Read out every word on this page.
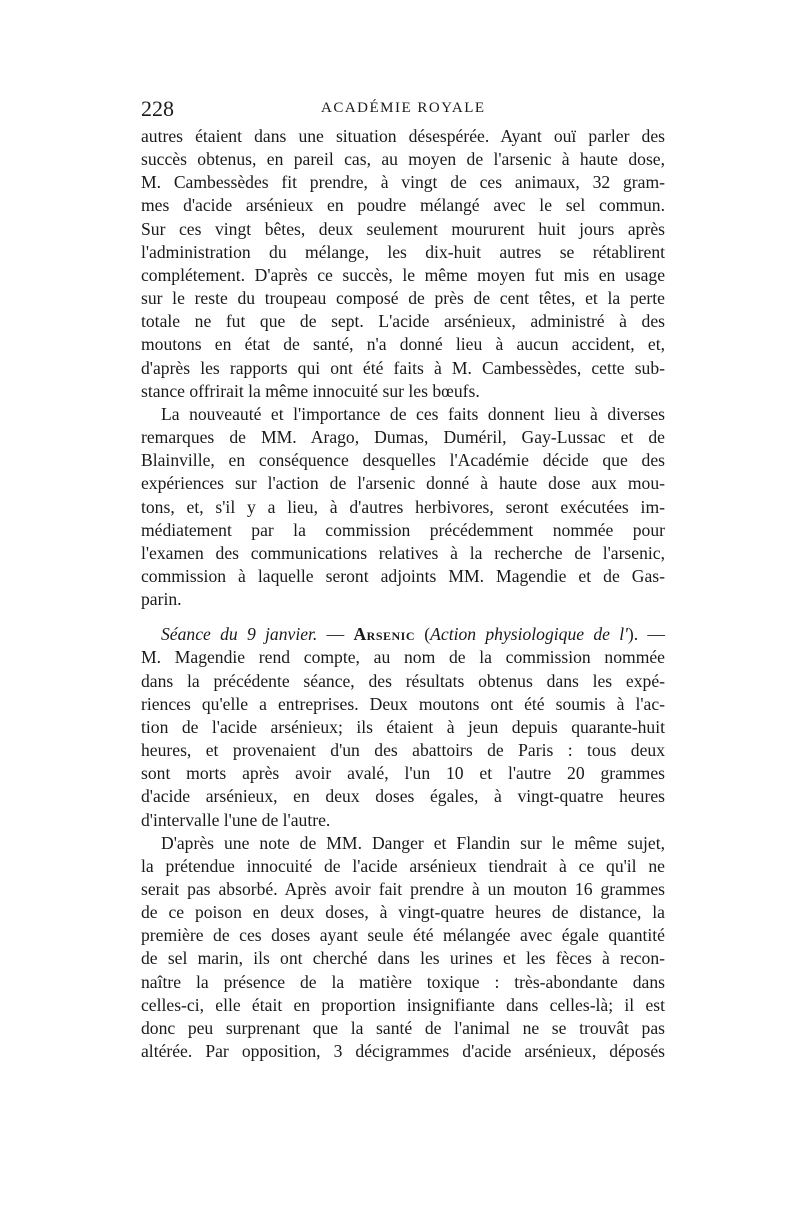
228	ACADÉMIE ROYALE

autres étaient dans une situation désespérée. Ayant ouï parler des
succès obtenus, en pareil cas, au moyen de l'arsenic à haute dose,
M. Cambessèdes fit prendre, à vingt de ces animaux, 32 gram-
mes d'acide arsénieux en poudre mélangé avec le sel commun.
Sur ces vingt bêtes, deux seulement moururent huit jours après
l'administration du mélange, les dix-huit autres se rétablirent
complétement. D'après ce succès, le même moyen fut mis en usage
sur le reste du troupeau composé de près de cent têtes, et la perte
totale ne fut que de sept. L'acide arsénieux, administré à des
moutons en état de santé, n'a donné lieu à aucun accident, et,
d'après les rapports qui ont été faits à M. Cambessèdes, cette sub-
stance offrirait la même innocuité sur les bœufs.

La nouveauté et l'importance de ces faits donnent lieu à diverses
remarques de MM. Arago, Dumas, Duméril, Gay-Lussac et de
Blainville, en conséquence desquelles l'Académie décide que des
expériences sur l'action de l'arsenic donné à haute dose aux mou-
tons, et, s'il y a lieu, à d'autres herbivores, seront exécutées im-
médiatement par la commission précédemment nommée pour
l'examen des communications relatives à la recherche de l'arsenic,
commission à laquelle seront adjoints MM. Magendie et de Gas-
parin.

Séance du 9 janvier. — Arsenic (Action physiologique de l'). —
M. Magendie rend compte, au nom de la commission nommée
dans la précédente séance, des résultats obtenus dans les expé-
riences qu'elle a entreprises. Deux moutons ont été soumis à l'ac-
tion de l'acide arsénieux; ils étaient à jeun depuis quarante-huit
heures, et provenaient d'un des abattoirs de Paris : tous deux
sont morts après avoir avalé, l'un 10 et l'autre 20 grammes
d'acide arsénieux, en deux doses égales, à vingt-quatre heures
d'intervalle l'une de l'autre.

D'après une note de MM. Danger et Flandin sur le même sujet,
la prétendue innocuité de l'acide arsénieux tiendrait à ce qu'il ne
serait pas absorbé. Après avoir fait prendre à un mouton 16 grammes
de ce poison en deux doses, à vingt-quatre heures de distance, la
première de ces doses ayant seule été mélangée avec égale quantité
de sel marin, ils ont cherché dans les urines et les fèces à recon-
naître la présence de la matière toxique : très-abondante dans
celles-ci, elle était en proportion insignifiante dans celles-là; il est
donc peu surprenant que la santé de l'animal ne se trouvât pas
altérée. Par opposition, 3 décigrammes d'acide arsénieux, déposés
